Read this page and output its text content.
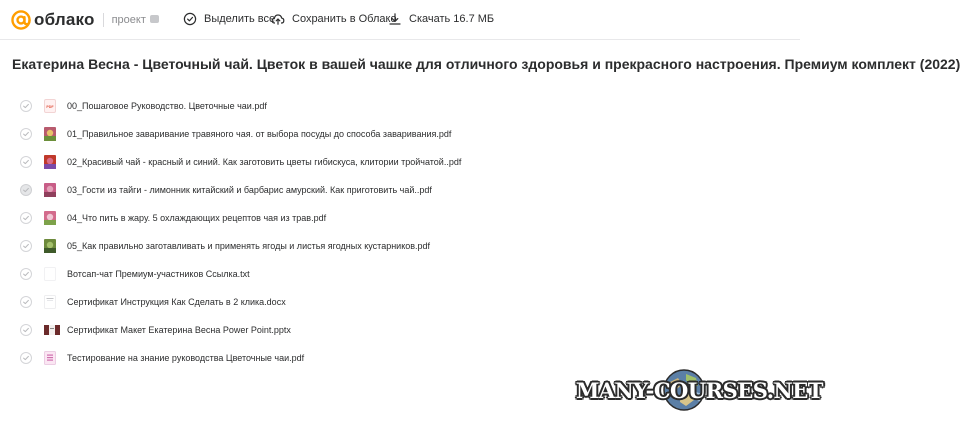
облако проект	Выделить все Сохранить в Облако Скачать 16.7 МБ
Екатерина Весна - Цветочный чай. Цветок в вашей чашке для отличного здоровья и прекрасного настроения. Премиум комплект (2022)
PDF 00_Пошаговое Руководство. Цветочные чаи.pdf
01_Правильное заваривание травяного чая. от выбора посуды до способа заваривания.pdf
02_Красивый чай - красный и синий. Как заготовить цветы гибискуса, клитории тройчатой..pdf
03_Гости из тайги - лимонник китайский и барбарис амурский. Как приготовить чай..pdf
04_Что пить в жару. 5 охлаждающих рецептов чая из трав.pdf
05_Как правильно заготавливать и применять ягоды и листья ягодных кустарников.pdf
Вотсап-чат Премиум-участников Ссылка.txt
Сертификат Инструкция Как Сделать в 2 клика.docx
Сертификат Макет Екатерина Весна Power Point.pptx
Тестирование на знание руководства Цветочные чаи.pdf
MANY-COURSES.NET
